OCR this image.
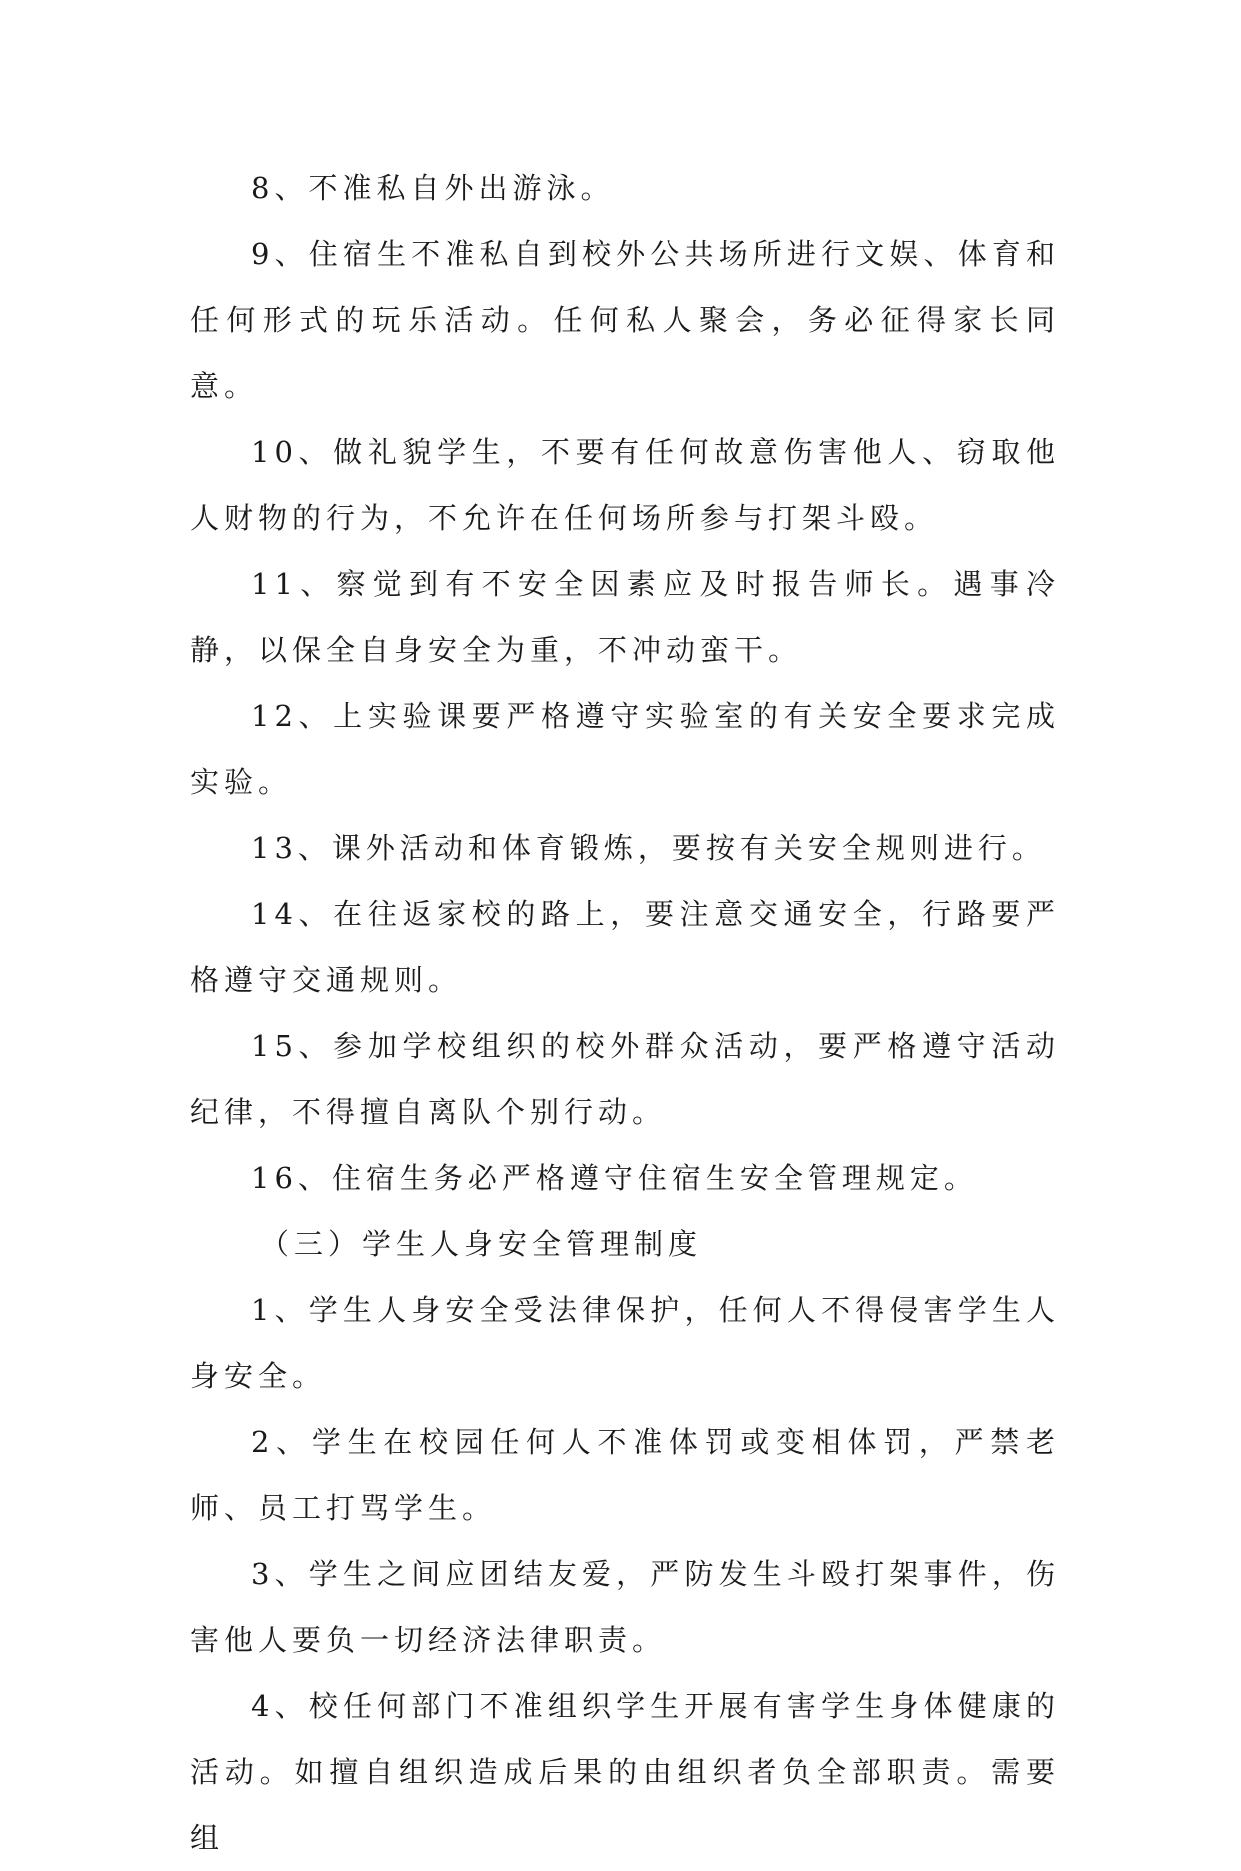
8、不准私自外出游泳。

9、住宿生不准私自到校外公共场所进行文娱、体育和任何形式的玩乐活动。任何私人聚会，务必征得家长同意。

10、做礼貌学生，不要有任何故意伤害他人、窃取他人财物的行为，不允许在任何场所参与打架斗殴。

11、察觉到有不安全因素应及时报告师长。遇事冷静，以保全自身安全为重，不冲动蛮干。

12、上实验课要严格遵守实验室的有关安全要求完成实验。

13、课外活动和体育锻炼，要按有关安全规则进行。

14、在往返家校的路上，要注意交通安全，行路要严格遵守交通规则。

15、参加学校组织的校外群众活动，要严格遵守活动纪律，不得擅自离队个别行动。

16、住宿生务必严格遵守住宿生安全管理规定。

（三）学生人身安全管理制度

1、学生人身安全受法律保护，任何人不得侵害学生人身安全。

2、学生在校园任何人不准体罚或变相体罚，严禁老师、员工打骂学生。

3、学生之间应团结友爱，严防发生斗殴打架事件，伤害他人要负一切经济法律职责。

4、校任何部门不准组织学生开展有害学生身体健康的活动。如擅自组织造成后果的由组织者负全部职责。需要组
